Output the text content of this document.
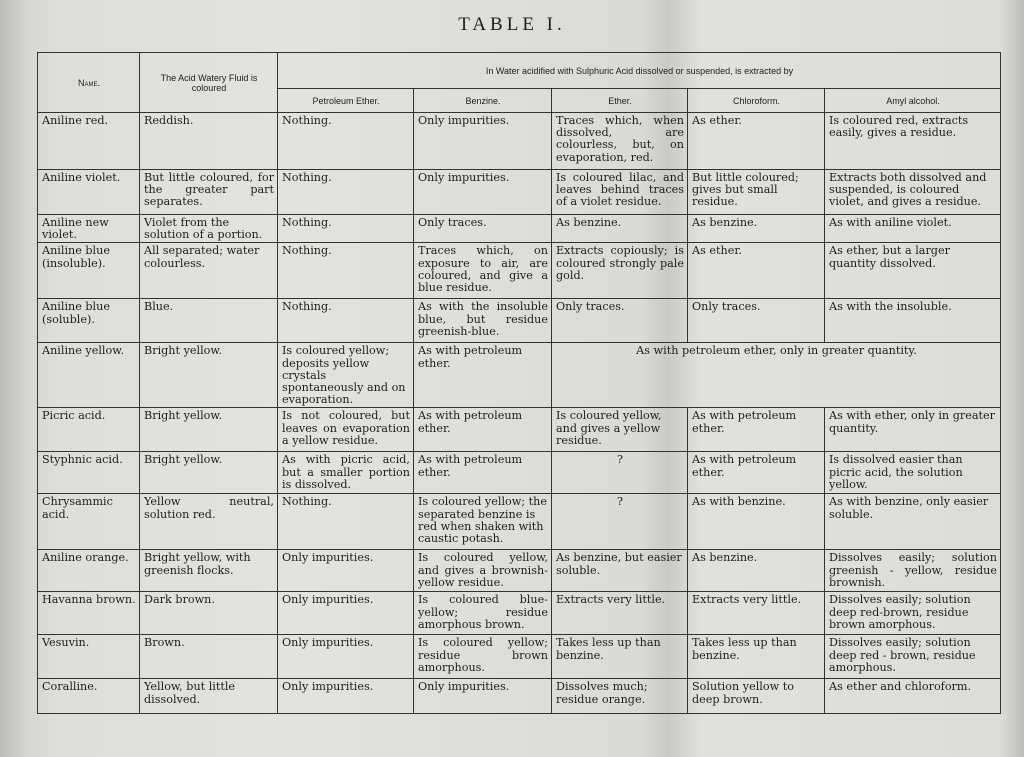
TABLE I.
Name.	The Acid Watery Fluid is coloured	In Water acidified with Sulphuric Acid dissolved or suspended, is extracted by				
		Petroleum Ether.	Benzine.	Ether.	Chloroform.	Amyl alcohol.
Aniline red.	Reddish.	Nothing.	Only impurities.	Traces which, when dissolved, are colourless, but, on evaporation, red.	As ether.	Is coloured red, extracts easily, gives a residue.
Aniline violet.	But little coloured, for the greater part separates.	Nothing.	Only impurities.	Is coloured lilac, and leaves behind traces of a violet residue.	But little coloured; gives but small residue.	Extracts both dissolved and suspended, is coloured violet, and gives a residue.
Aniline new violet.	Violet from the solution of a portion.	Nothing.	Only traces.	As benzine.	As benzine.	As with aniline violet.
Aniline blue (insoluble).	All separated; water colourless.	Nothing.	Traces which, on exposure to air, are coloured, and give a blue residue.	Extracts copiously; is coloured strongly pale gold.	As ether.	As ether, but a larger quantity dissolved.
Aniline blue (soluble).	Blue.	Nothing.	As with the insoluble blue, but residue greenish-blue.	Only traces.	Only traces.	As with the insoluble.
Aniline yellow.	Bright yellow.	Is coloured yellow; deposits yellow crystals spontaneously and on evaporation.	As with petroleum ether.	As with petroleum ether, only in greater quantity.		
Picric acid.	Bright yellow.	Is not coloured, but leaves on evaporation a yellow residue.	As with petroleum ether.	Is coloured yellow, and gives a yellow residue.	As with petroleum ether.	As with ether, only in greater quantity.
Styphnic acid.	Bright yellow.	As with picric acid, but a smaller portion is dissolved.	As with petroleum ether.	?	As with petroleum ether.	Is dissolved easier than picric acid, the solution yellow.
Chrysammic acid.	Yellow neutral, solution red.	Nothing.	Is coloured yellow; the separated benzine is red when shaken with caustic potash.	?	As with benzine.	As with benzine, only easier soluble.
Aniline orange.	Bright yellow, with greenish flocks.	Only impurities.	Is coloured yellow, and gives a brownish-yellow residue.	As benzine, but easier soluble.	As benzine.	Dissolves easily; solution greenish - yellow, residue brownish.
Havanna brown.	Dark brown.	Only impurities.	Is coloured blue-yellow; residue amorphous brown.	Extracts very little.	Extracts very little.	Dissolves easily; solution deep red-brown, residue brown amorphous.
Vesuvin.	Brown.	Only impurities.	Is coloured yellow; residue brown amorphous.	Takes less up than benzine.	Takes less up than benzine.	Dissolves easily; solution deep red - brown, residue amorphous.
Coralline.	Yellow, but little dissolved.	Only impurities.	Only impurities.	Dissolves much; residue orange.	Solution yellow to deep brown.	As ether and chloroform.
